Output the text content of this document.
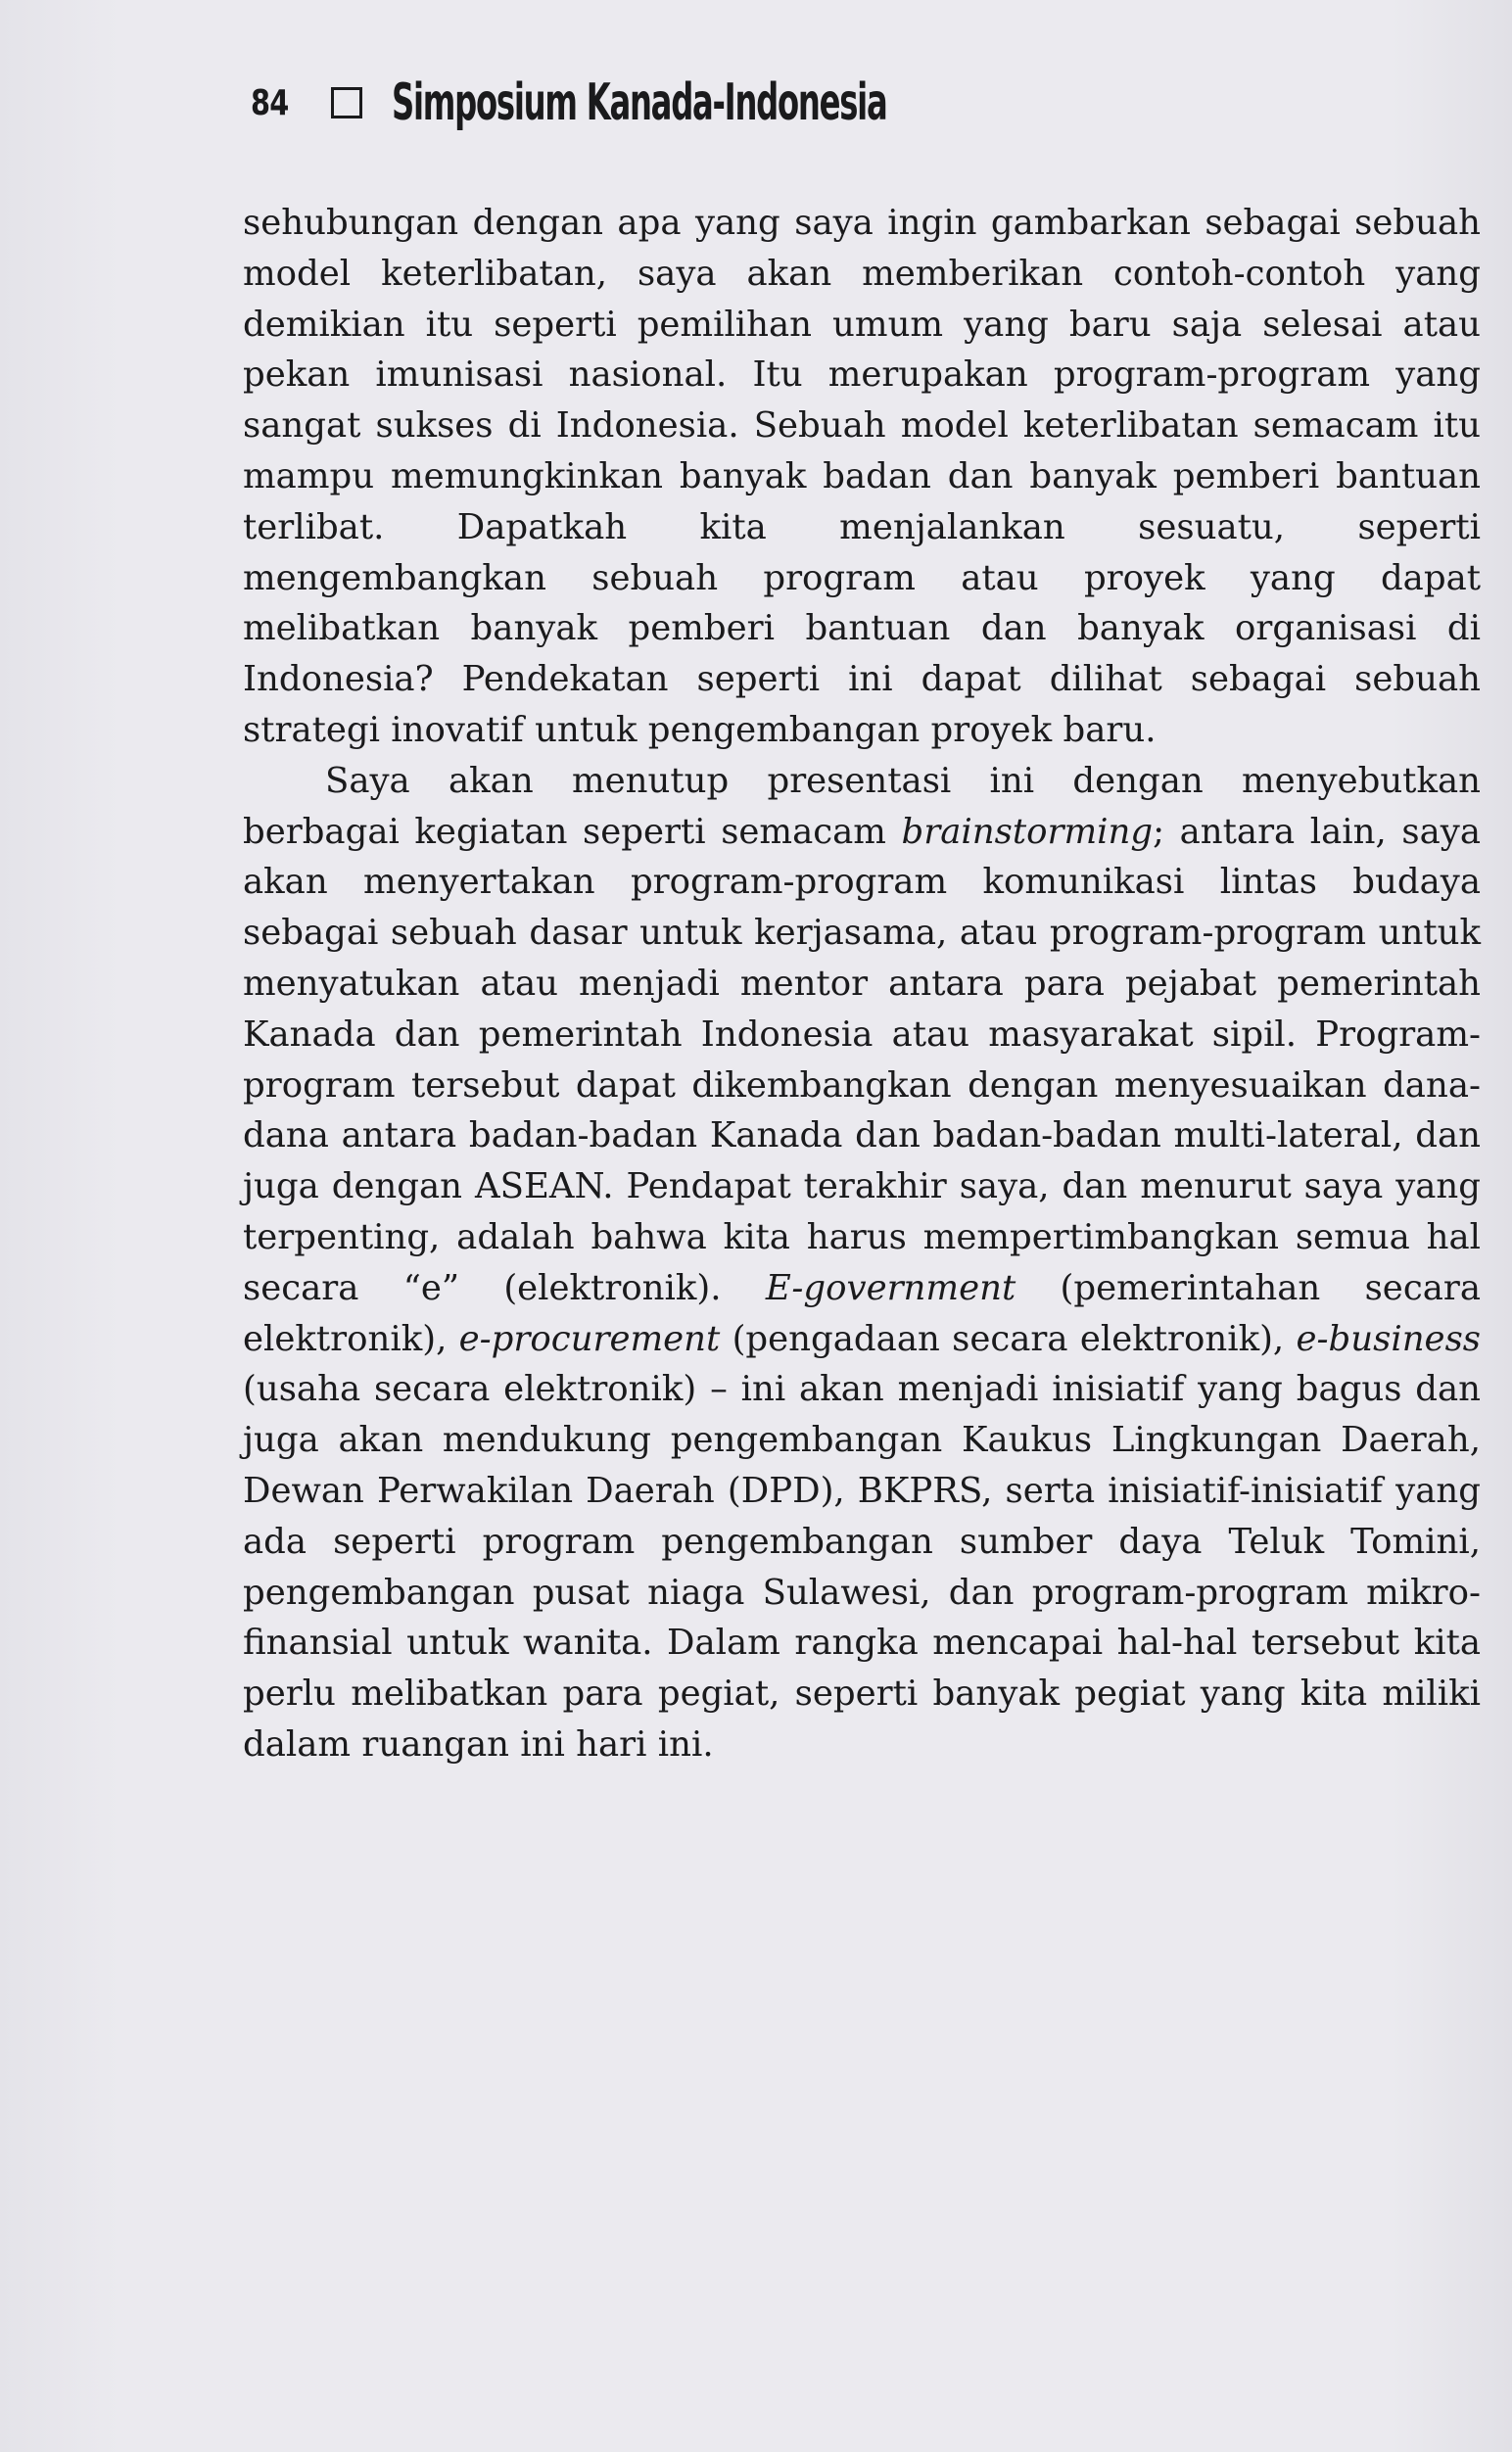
84 Simposium Kanada-Indonesia

sehubungan dengan apa yang saya ingin gambarkan sebagai sebuah model keterlibatan, saya akan memberikan contoh-contoh yang demikian itu seperti pemilihan umum yang baru saja selesai atau pekan imunisasi nasional. Itu merupakan program-program yang sangat sukses di Indonesia. Sebuah model keterlibatan semacam itu mampu memungkinkan banyak badan dan banyak pemberi bantuan terlibat. Dapatkah kita menjalankan sesuatu, seperti mengembangkan sebuah program atau proyek yang dapat melibatkan banyak pemberi bantuan dan banyak organisasi di Indonesia? Pendekatan seperti ini dapat dilihat sebagai sebuah strategi inovatif untuk pengembangan proyek baru.

Saya akan menutup presentasi ini dengan menyebutkan berbagai kegiatan seperti semacam brainstorming; antara lain, saya akan menyertakan program-program komunikasi lintas budaya sebagai sebuah dasar untuk kerjasama, atau program-program untuk menyatukan atau menjadi mentor antara para pejabat pemerintah Kanada dan pemerintah Indonesia atau masyarakat sipil. Program-program tersebut dapat dikembangkan dengan menyesuaikan dana-dana antara badan-badan Kanada dan badan-badan multi-lateral, dan juga dengan ASEAN. Pendapat terakhir saya, dan menurut saya yang terpenting, adalah bahwa kita harus mempertimbangkan semua hal secara “e” (elektronik). E-government (pemerintahan secara elektronik), e-procurement (pengadaan secara elektronik), e-business (usaha secara elektronik) – ini akan menjadi inisiatif yang bagus dan juga akan mendukung pengembangan Kaukus Lingkungan Daerah, Dewan Perwakilan Daerah (DPD), BKPRS, serta inisiatif-inisiatif yang ada seperti program pengembangan sumber daya Teluk Tomini, pengembangan pusat niaga Sulawesi, dan program-program mikro-finansial untuk wanita. Dalam rangka mencapai hal-hal tersebut kita perlu melibatkan para pegiat, seperti banyak pegiat yang kita miliki dalam ruangan ini hari ini.
